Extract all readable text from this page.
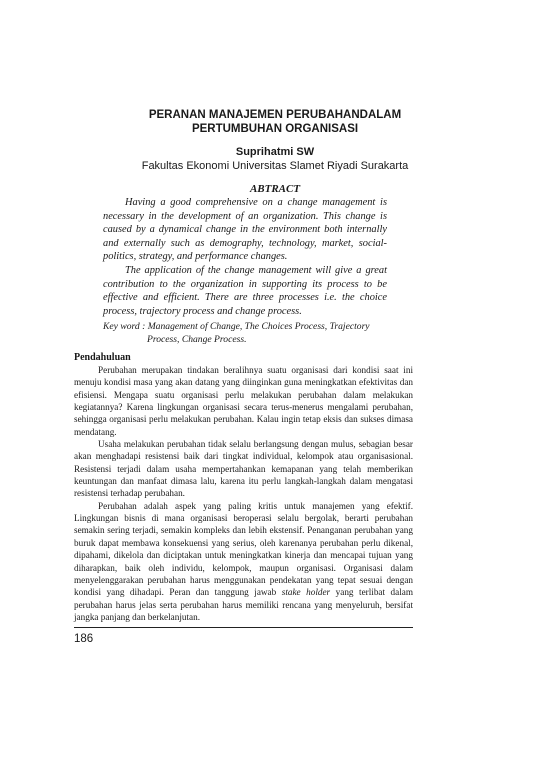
PERANAN MANAJEMEN PERUBAHANDALAM
PERTUMBUHAN ORGANISASI
Suprihatmi SW
Fakultas Ekonomi Universitas Slamet Riyadi Surakarta
ABTRACT

Having a good comprehensive on a change management is necessary in the development of an organization. This change is caused by a dynamical change in the environment both internally and externally such as demography, technology, market, social-politics, strategy, and performance changes.

The application of the change management will give a great contribution to the organization in supporting its process to be effective and efficient. There are three processes i.e. the choice process, trajectory process and change process.

Key word : Management of Change, The Choices Process, Trajectory
Process, Change Process.
Pendahuluan

Perubahan merupakan tindakan beralihnya suatu organisasi dari kondisi saat ini menuju kondisi masa yang akan datang yang diinginkan guna meningkatkan efektivitas dan efisiensi. Mengapa suatu organisasi perlu melakukan perubahan dalam melakukan kegiatannya? Karena lingkungan organisasi secara terus-menerus mengalami perubahan, sehingga organisasi perlu melakukan perubahan. Kalau ingin tetap eksis dan sukses dimasa mendatang.

Usaha melakukan perubahan tidak selalu berlangsung dengan mulus, sebagian besar akan menghadapi resistensi baik dari tingkat individual, kelompok atau organisasional. Resistensi terjadi dalam usaha mempertahankan kemapanan yang telah memberikan keuntungan dan manfaat dimasa lalu, karena itu perlu langkah-langkah dalam mengatasi resistensi terhadap perubahan.

Perubahan adalah aspek yang paling kritis untuk manajemen yang efektif. Lingkungan bisnis di mana organisasi beroperasi selalu bergolak, berarti perubahan semakin sering terjadi, semakin kompleks dan lebih ekstensif. Penanganan perubahan yang buruk dapat membawa konsekuensi yang serius, oleh karenanya perubahan perlu dikenal, dipahami, dikelola dan diciptakan untuk meningkatkan kinerja dan mencapai tujuan yang diharapkan, baik oleh individu, kelompok, maupun organisasi. Organisasi dalam menyelenggarakan perubahan harus menggunakan pendekatan yang tepat sesuai dengan kondisi yang dihadapi. Peran dan tanggung jawab stake holder yang terlibat dalam perubahan harus jelas serta perubahan harus memiliki rencana yang menyeluruh, bersifat jangka panjang dan berkelanjutan.

186
